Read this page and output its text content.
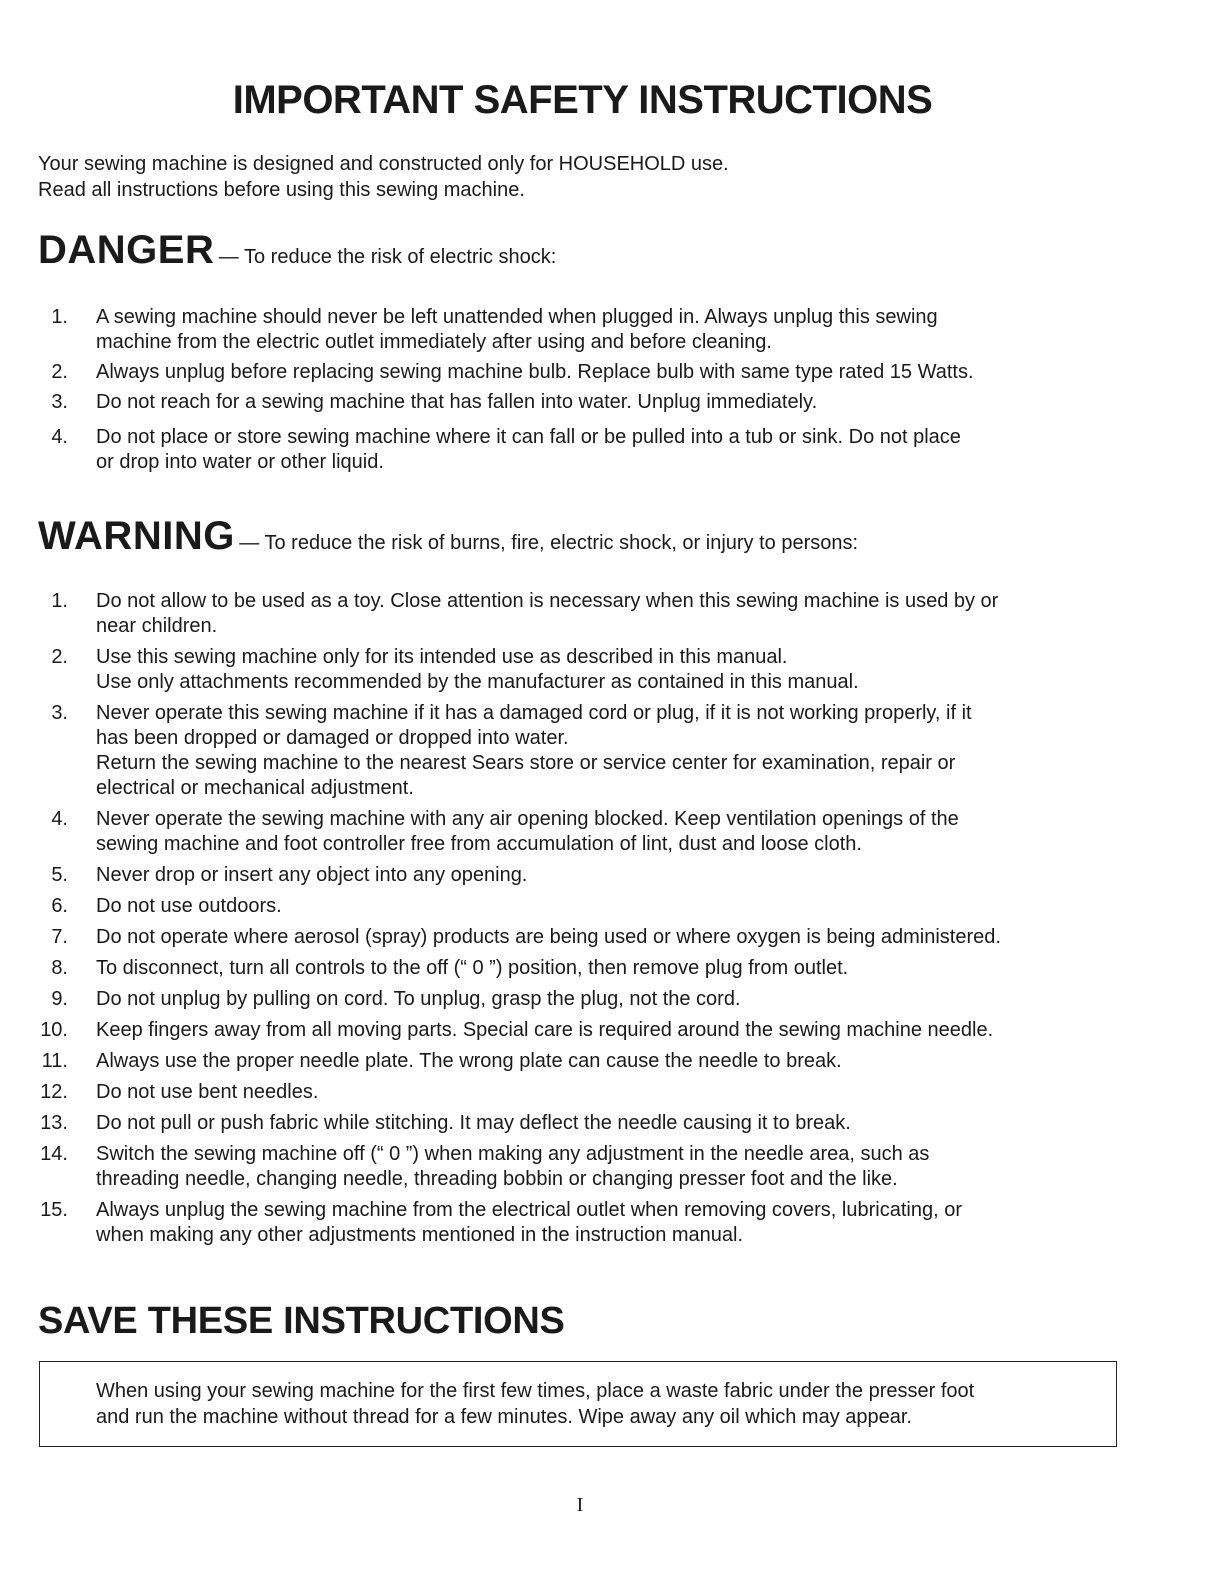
IMPORTANT SAFETY INSTRUCTIONS
Your sewing machine is designed and constructed only for HOUSEHOLD use.
Read all instructions before using this sewing machine.
DANGER — To reduce the risk of electric shock:
1. A sewing machine should never be left unattended when plugged in. Always unplug this sewing
machine from the electric outlet immediately after using and before cleaning.
2. Always unplug before replacing sewing machine bulb. Replace bulb with same type rated 15 Watts.
3. Do not reach for a sewing machine that has fallen into water. Unplug immediately.
4. Do not place or store sewing machine where it can fall or be pulled into a tub or sink. Do not place
or drop into water or other liquid.
WARNING — To reduce the risk of burns, fire, electric shock, or injury to persons:
1. Do not allow to be used as a toy. Close attention is necessary when this sewing machine is used by or
near children.
2. Use this sewing machine only for its intended use as described in this manual.
Use only attachments recommended by the manufacturer as contained in this manual.
3. Never operate this sewing machine if it has a damaged cord or plug, if it is not working properly, if it
has been dropped or damaged or dropped into water.
Return the sewing machine to the nearest Sears store or service center for examination, repair or
electrical or mechanical adjustment.
4. Never operate the sewing machine with any air opening blocked. Keep ventilation openings of the
sewing machine and foot controller free from accumulation of lint, dust and loose cloth.
5. Never drop or insert any object into any opening.
6. Do not use outdoors.
7. Do not operate where aerosol (spray) products are being used or where oxygen is being administered.
8. To disconnect, turn all controls to the off (“ 0 ”) position, then remove plug from outlet.
9. Do not unplug by pulling on cord. To unplug, grasp the plug, not the cord.
10. Keep fingers away from all moving parts. Special care is required around the sewing machine needle.
11. Always use the proper needle plate. The wrong plate can cause the needle to break.
12. Do not use bent needles.
13. Do not pull or push fabric while stitching. It may deflect the needle causing it to break.
14. Switch the sewing machine off (“ 0 ”) when making any adjustment in the needle area, such as
threading needle, changing needle, threading bobbin or changing presser foot and the like.
15. Always unplug the sewing machine from the electrical outlet when removing covers, lubricating, or
when making any other adjustments mentioned in the instruction manual.
SAVE THESE INSTRUCTIONS
When using your sewing machine for the first few times, place a waste fabric under the presser foot
and run the machine without thread for a few minutes. Wipe away any oil which may appear.
I
